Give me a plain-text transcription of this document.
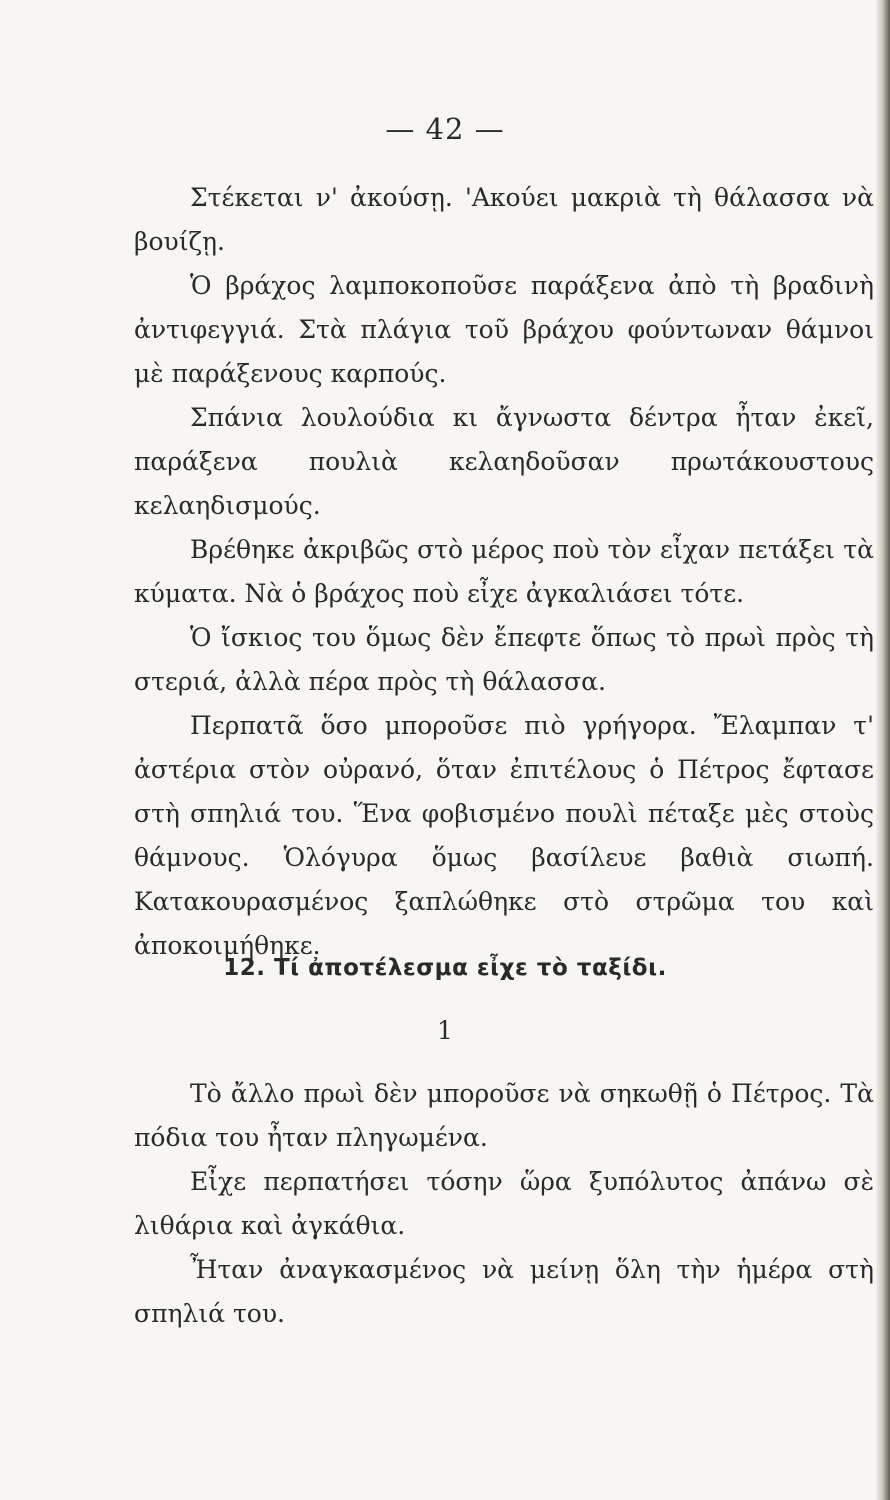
— 42 —

Στέκεται ν' ἀκούσῃ. 'Ακούει μακριὰ τὴ θάλασσα νὰ βουίζῃ.

Ὁ βράχος λαμποκοποῦσε παράξενα ἀπὸ τὴ βραδινὴ ἀντιφεγγιά. Στὰ πλάγια τοῦ βράχου φούντωναν θάμνοι μὲ παράξενους καρπούς.

Σπάνια λουλούδια κι ἄγνωστα δέντρα ἦταν ἐκεῖ, παράξενα πουλιὰ κελαηδοῦσαν πρωτάκουστους κελαηδισμούς.

Βρέθηκε ἀκριβῶς στὸ μέρος ποὺ τὸν εἶχαν πετάξει τὰ κύματα. Νὰ ὁ βράχος ποὺ εἶχε ἀγκαλιάσει τότε.

Ὁ ἴσκιος του ὅμως δὲν ἔπεφτε ὅπως τὸ πρωὶ πρὸς τὴ στεριά, ἀλλὰ πέρα πρὸς τὴ θάλασσα.

Περπατᾶ ὅσο μποροῦσε πιὸ γρήγορα. Ἔλαμπαν τ' ἀστέρια στὸν οὐρανό, ὅταν ἐπιτέλους ὁ Πέτρος ἔφτασε στὴ σπηλιά του. Ἕνα φοβισμένο πουλὶ πέταξε μὲς στοὺς θάμνους. Ὁλόγυρα ὅμως βασίλευε βαθιὰ σιωπή. Κατακουρασμένος ξαπλώθηκε στὸ στρῶμα του καὶ ἀποκοιμήθηκε.

12. Τί ἀποτέλεσμα εἶχε τὸ ταξίδι.
1

Τὸ ἄλλο πρωὶ δὲν μποροῦσε νὰ σηκωθῇ ὁ Πέτρος. Τὰ πόδια του ἦταν πληγωμένα.

Εἶχε περπατήσει τόσην ὥρα ξυπόλυτος ἀπάνω σὲ λιθάρια καὶ ἀγκάθια.

Ἦταν ἀναγκασμένος νὰ μείνῃ ὅλη τὴν ἡμέρα στὴ σπηλιά του.
